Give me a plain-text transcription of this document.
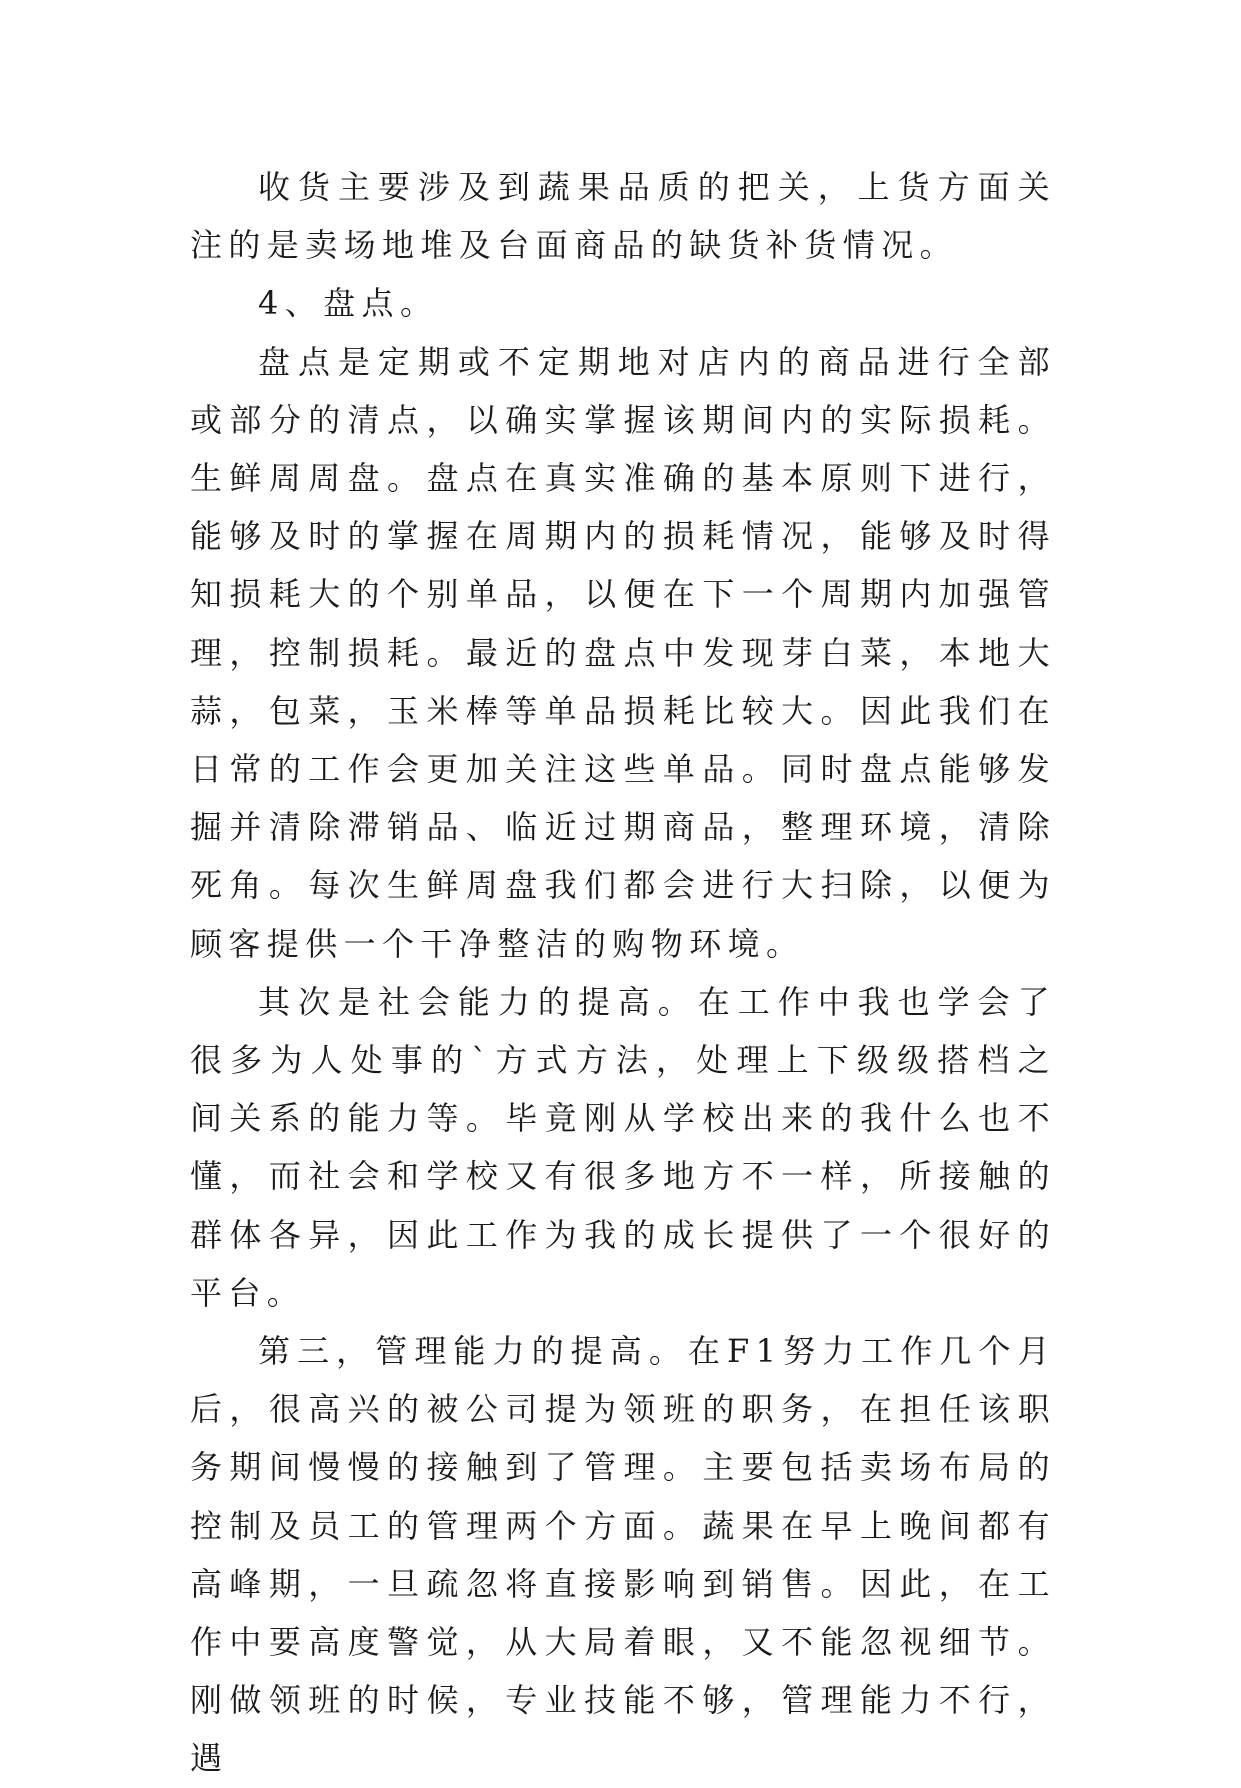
收货主要涉及到蔬果品质的把关，上货方面关注的是卖场地堆及台面商品的缺货补货情况。

4、盘点。

盘点是定期或不定期地对店内的商品进行全部或部分的清点，以确实掌握该期间内的实际损耗。生鲜周周盘。盘点在真实准确的基本原则下进行，能够及时的掌握在周期内的损耗情况，能够及时得知损耗大的个别单品，以便在下一个周期内加强管理，控制损耗。最近的盘点中发现芽白菜，本地大蒜，包菜，玉米棒等单品损耗比较大。因此我们在日常的工作会更加关注这些单品。同时盘点能够发掘并清除滞销品、临近过期商品，整理环境，清除死角。每次生鲜周盘我们都会进行大扫除，以便为顾客提供一个干净整洁的购物环境。

其次是社会能力的提高。在工作中我也学会了很多为人处事的`方式方法，处理上下级级搭档之间关系的能力等。毕竟刚从学校出来的我什么也不懂，而社会和学校又有很多地方不一样，所接触的群体各异，因此工作为我的成长提供了一个很好的平台。

第三，管理能力的提高。在F1努力工作几个月后，很高兴的被公司提为领班的职务，在担任该职务期间慢慢的接触到了管理。主要包括卖场布局的控制及员工的管理两个方面。蔬果在早上晚间都有高峰期，一旦疏忽将直接影响到销售。因此，在工作中要高度警觉，从大局着眼，又不能忽视细节。刚做领班的时候，专业技能不够，管理能力不行，遇
